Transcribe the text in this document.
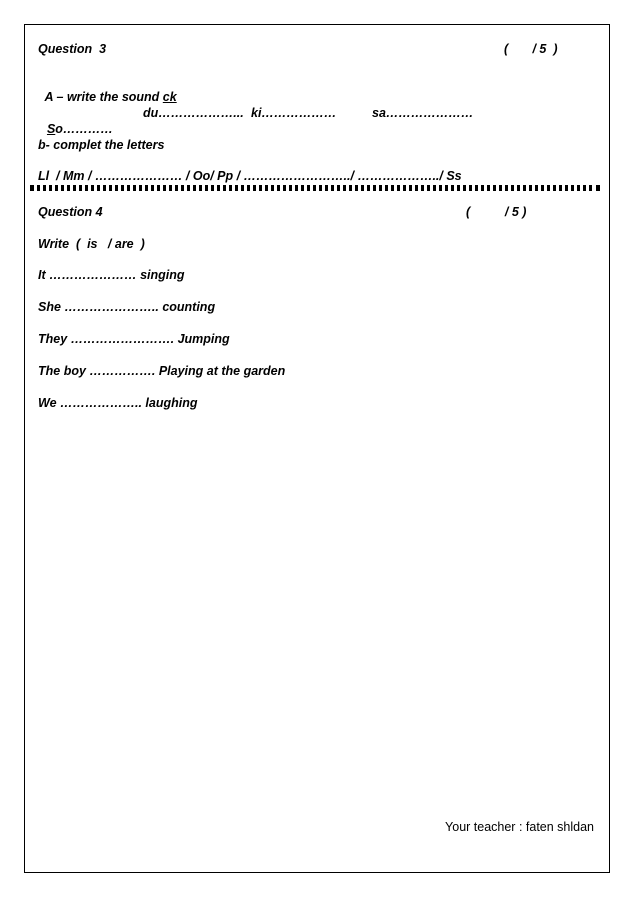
Question  3	(       / 5  )

A – write the sound ck

So…………

du………………... ki………………	sa…………………
b- complet the letters
Ll  / Mm / ………………… / Oo/ Pp / ……………………../ ………………../ Ss
Question 4	(          / 5 )
Write  (  is   / are  )
It ………………… singing
She ………………….. counting
They ……………………. Jumping
The boy ……………. Playing at the garden
We ……………….. laughing
Your teacher : faten shldan
